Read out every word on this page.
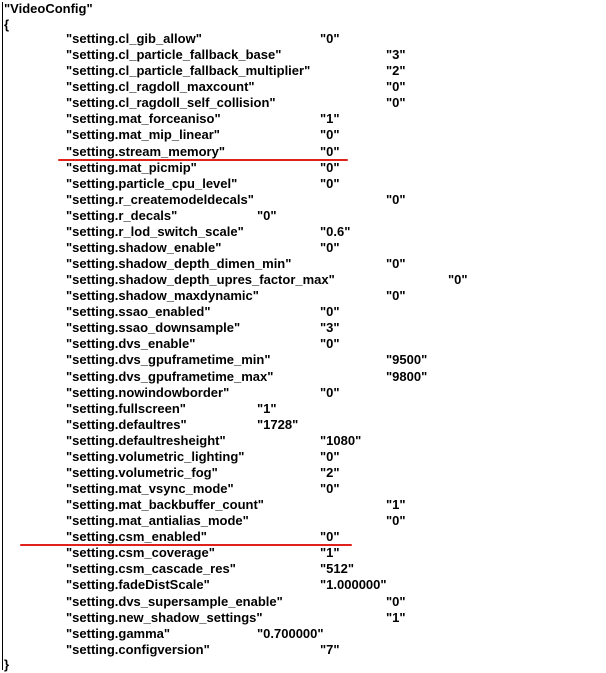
"VideoConfig"
{
"setting.cl_gib_allow"	"0"
"setting.cl_particle_fallback_base"	"3"
"setting.cl_particle_fallback_multiplier"	"2"
"setting.cl_ragdoll_maxcount"	"0"
"setting.cl_ragdoll_self_collision"	"0"
"setting.mat_forceaniso"	"1"
"setting.mat_mip_linear"	"0"
"setting.stream_memory"	"0"
"setting.mat_picmip"	"0"
"setting.particle_cpu_level"	"0"
"setting.r_createmodeldecals"	"0"
"setting.r_decals"	"0"
"setting.r_lod_switch_scale"	"0.6"
"setting.shadow_enable"	"0"
"setting.shadow_depth_dimen_min"	"0"
"setting.shadow_depth_upres_factor_max"	"0"
"setting.shadow_maxdynamic"	"0"
"setting.ssao_enabled"	"0"
"setting.ssao_downsample"	"3"
"setting.dvs_enable"	"0"
"setting.dvs_gpuframetime_min"	"9500"
"setting.dvs_gpuframetime_max"	"9800"
"setting.nowindowborder"	"0"
"setting.fullscreen"	"1"
"setting.defaultres"	"1728"
"setting.defaultresheight"	"1080"
"setting.volumetric_lighting"	"0"
"setting.volumetric_fog"	"2"
"setting.mat_vsync_mode"	"0"
"setting.mat_backbuffer_count"	"1"
"setting.mat_antialias_mode"	"0"
"setting.csm_enabled"	"0"
"setting.csm_coverage"	"1"
"setting.csm_cascade_res"	"512"
"setting.fadeDistScale"	"1.000000"
"setting.dvs_supersample_enable"	"0"
"setting.new_shadow_settings"	"1"
"setting.gamma"	"0.700000"
"setting.configversion"	"7"
}
